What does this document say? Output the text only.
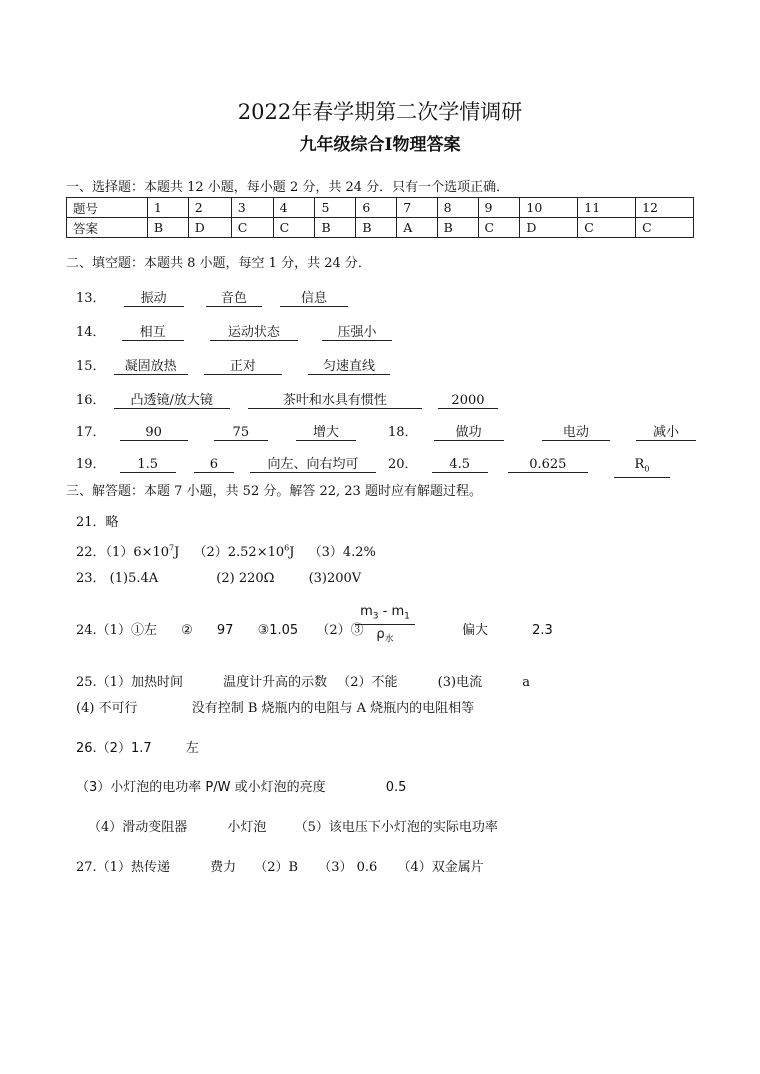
2022年春学期第二次学情调研
九年级综合Ⅰ物理答案
一、选择题：本题共 12 小题，每小题 2 分，共 24 分．只有一个选项正确．
题号	1	2	3	4	5	6	7	8	9	10	11	12
答案	B	D	C	C	B	B	A	B	C	D	C	C
二、填空题：本题共 8 小题，每空 1 分，共 24 分．
13．	振动	音色	信息
14．	相互	运动状态	压强小
15． 凝固放热	正对	匀速直线
16． 凸透镜/放大镜	茶叶和水具有惯性	2000
17．	90	75	增大	18．	做功	电动	减小
19． 1.5	6	向左、向右均可	20． 4.5	0.625	$R_0$
三、解答题：本题 7 小题，共 52 分。解答 22, 23 题时应有解题过程。
21．略
22．$(1)6\times 10^7J$ $(2)2.52\times 10^6J$ （3）4.2%
23． (1)5.4A	(2) 220Ω	(3)200V
24.（1）①左 ② 97 ③1.05 （2）③
$m_3 - m_1$
$\rho_水$
偏大	2.3
25.（1）加热时间	温度计升高的示数 （2）不能	(3)电流	a
(4) 不可行	没有控制 B 烧瓶内的电阻与 A 烧瓶内的电阻相等
26.（2）1.7	左
（3）小灯泡的电功率 P/W 或小灯泡的亮度	0.5
（4）滑动变阻器	小灯泡 （5）该电压下小灯泡的实际电功率
27.（1）热传递	费力 （2）B （3） 0.6 （4）双金属片
